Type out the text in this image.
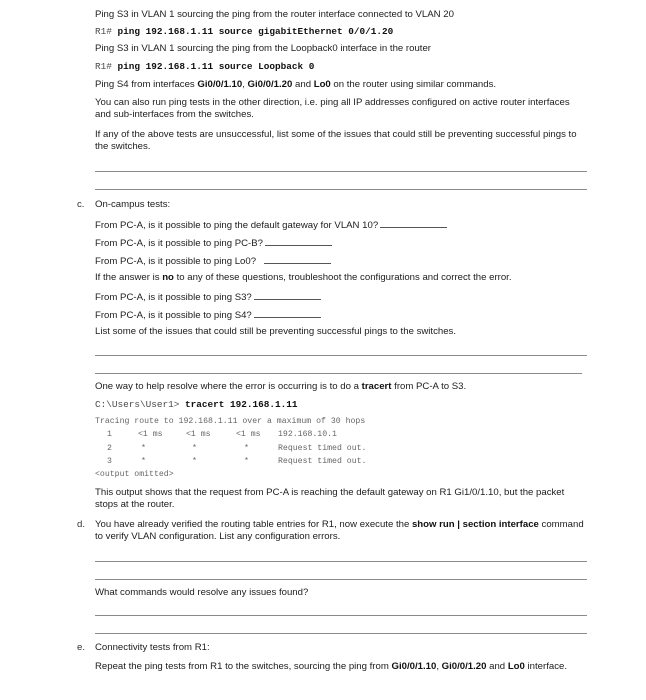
Ping S3 in VLAN 1 sourcing the ping from the router interface connected to VLAN 20
R1# ping 192.168.1.11 source gigabitEthernet 0/0/1.20
Ping S3 in VLAN 1 sourcing the ping from the Loopback0 interface in the router
R1# ping 192.168.1.11 source Loopback 0
Ping S4 from interfaces Gi0/0/1.10, Gi0/0/1.20 and Lo0 on the router using similar commands.
You can also run ping tests in the other direction, i.e. ping all IP addresses configured on active router interfaces and sub-interfaces from the switches.
If any of the above tests are unsuccessful, list some of the issues that could still be preventing successful pings to the switches.
c. On-campus tests:
From PC-A, is it possible to ping the default gateway for VLAN 10?
From PC-A, is it possible to ping PC-B?
From PC-A, is it possible to ping Lo0?
If the answer is no to any of these questions, troubleshoot the configurations and correct the error.
From PC-A, is it possible to ping S3?
From PC-A, is it possible to ping S4?
List some of the issues that could still be preventing successful pings to the switches.
One way to help resolve where the error is occurring is to do a tracert from PC-A to S3.
C:\Users\User1> tracert 192.168.1.11
Tracing route to 192.168.1.11 over a maximum of 30 hops
1	<1 ms	<1 ms	<1 ms 192.168.10.1
2	*	*	*	Request timed out.
3	*	*	*	Request timed out.
<output omitted>
This output shows that the request from PC-A is reaching the default gateway on R1 Gi1/0/1.10, but the packet stops at the router.
d. You have already verified the routing table entries for R1, now execute the show run | section interface command to verify VLAN configuration. List any configuration errors.
What commands would resolve any issues found?
e. Connectivity tests from R1:
Repeat the ping tests from R1 to the switches, sourcing the ping from Gi0/0/1.10, Gi0/0/1.20 and Lo0 interface.
